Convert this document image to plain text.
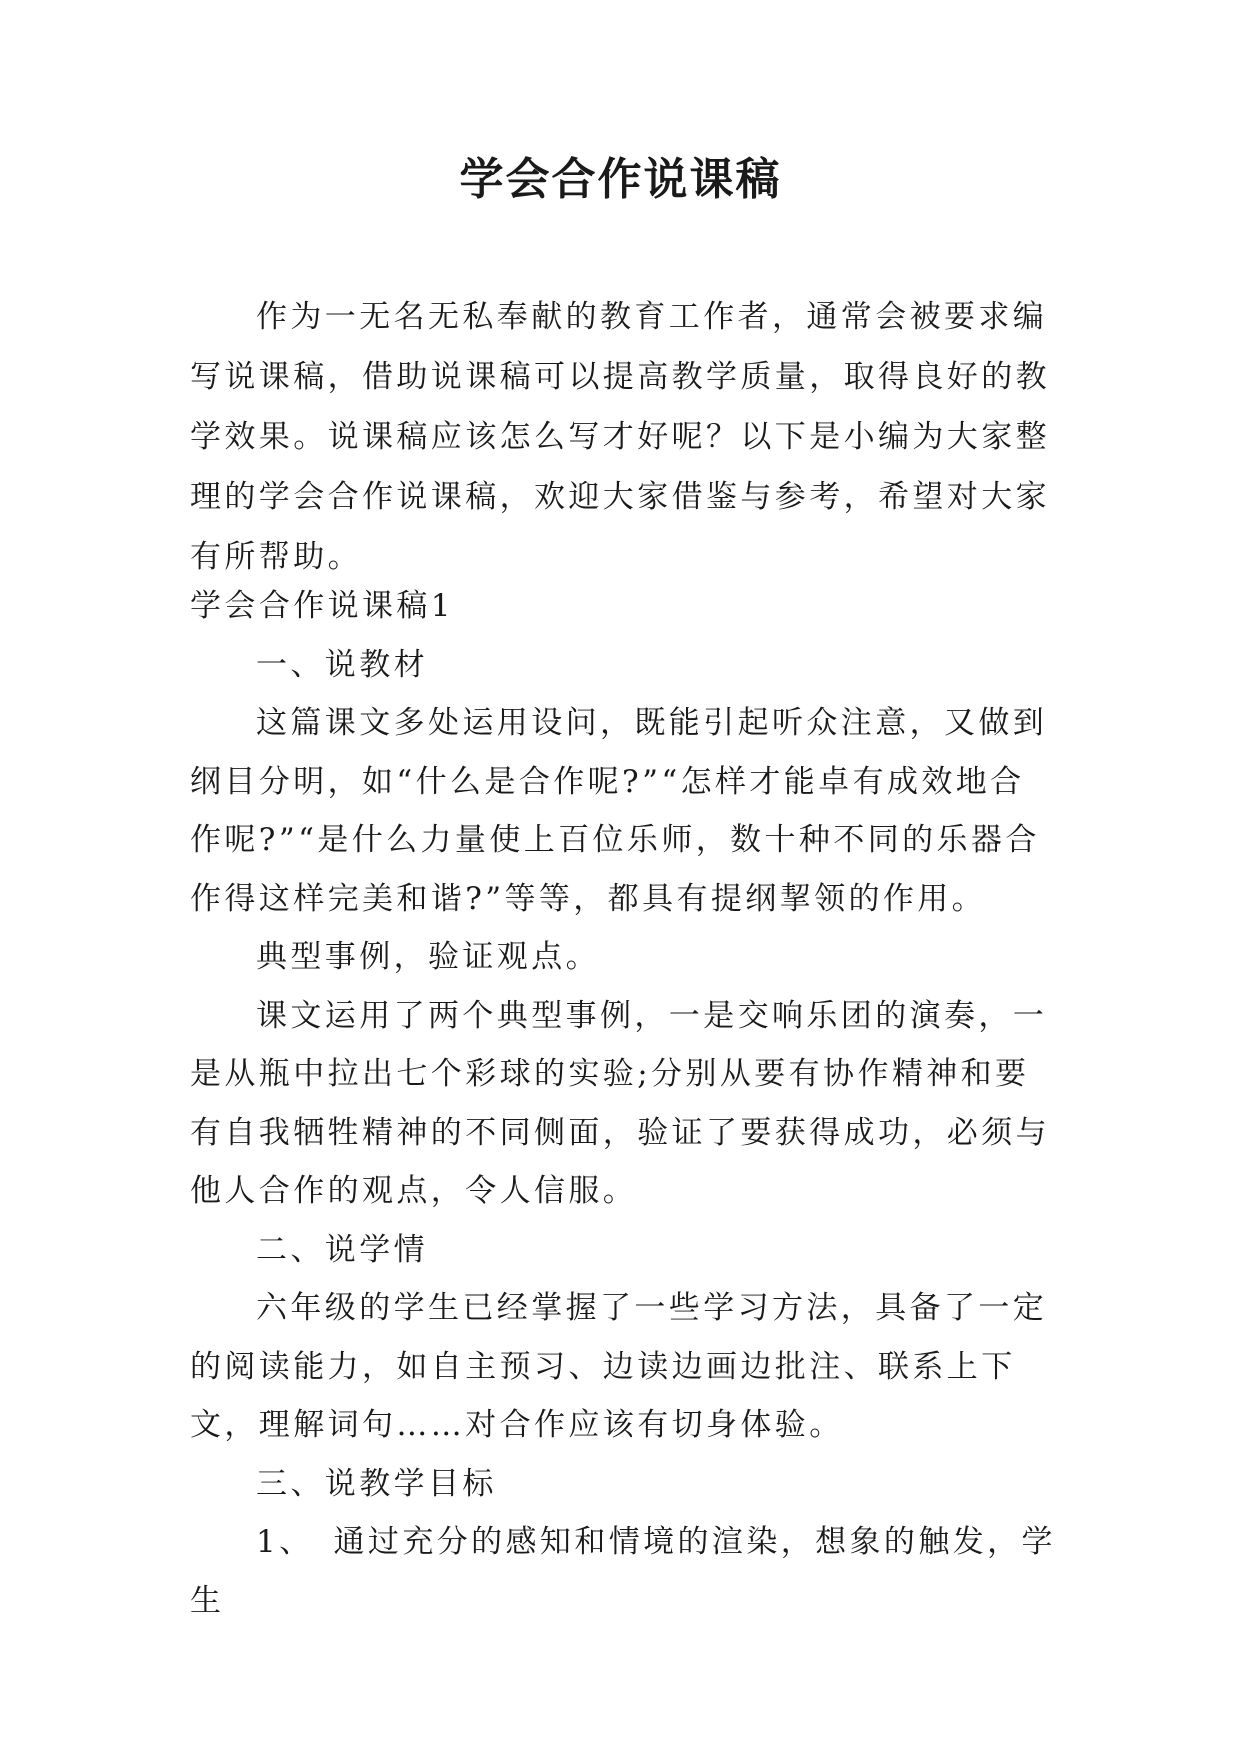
学会合作说课稿

作为一无名无私奉献的教育工作者，通常会被要求编写说课稿，借助说课稿可以提高教学质量，取得良好的教学效果。说课稿应该怎么写才好呢？以下是小编为大家整理的学会合作说课稿，欢迎大家借鉴与参考，希望对大家有所帮助。

学会合作说课稿1

一、说教材

这篇课文多处运用设问，既能引起听众注意，又做到纲目分明，如“什么是合作呢?”“怎样才能卓有成效地合作呢?”“是什么力量使上百位乐师，数十种不同的乐器合作得这样完美和谐?”等等，都具有提纲挈领的作用。

典型事例，验证观点。

课文运用了两个典型事例，一是交响乐团的演奏，一是从瓶中拉出七个彩球的实验;分别从要有协作精神和要有自我牺牲精神的不同侧面，验证了要获得成功，必须与他人合作的观点，令人信服。

二、说学情

六年级的学生已经掌握了一些学习方法，具备了一定的阅读能力，如自主预习、边读边画边批注、联系上下文，理解词句……对合作应该有切身体验。

三、说教学目标

1、 通过充分的感知和情境的渲染，想象的触发，学生
